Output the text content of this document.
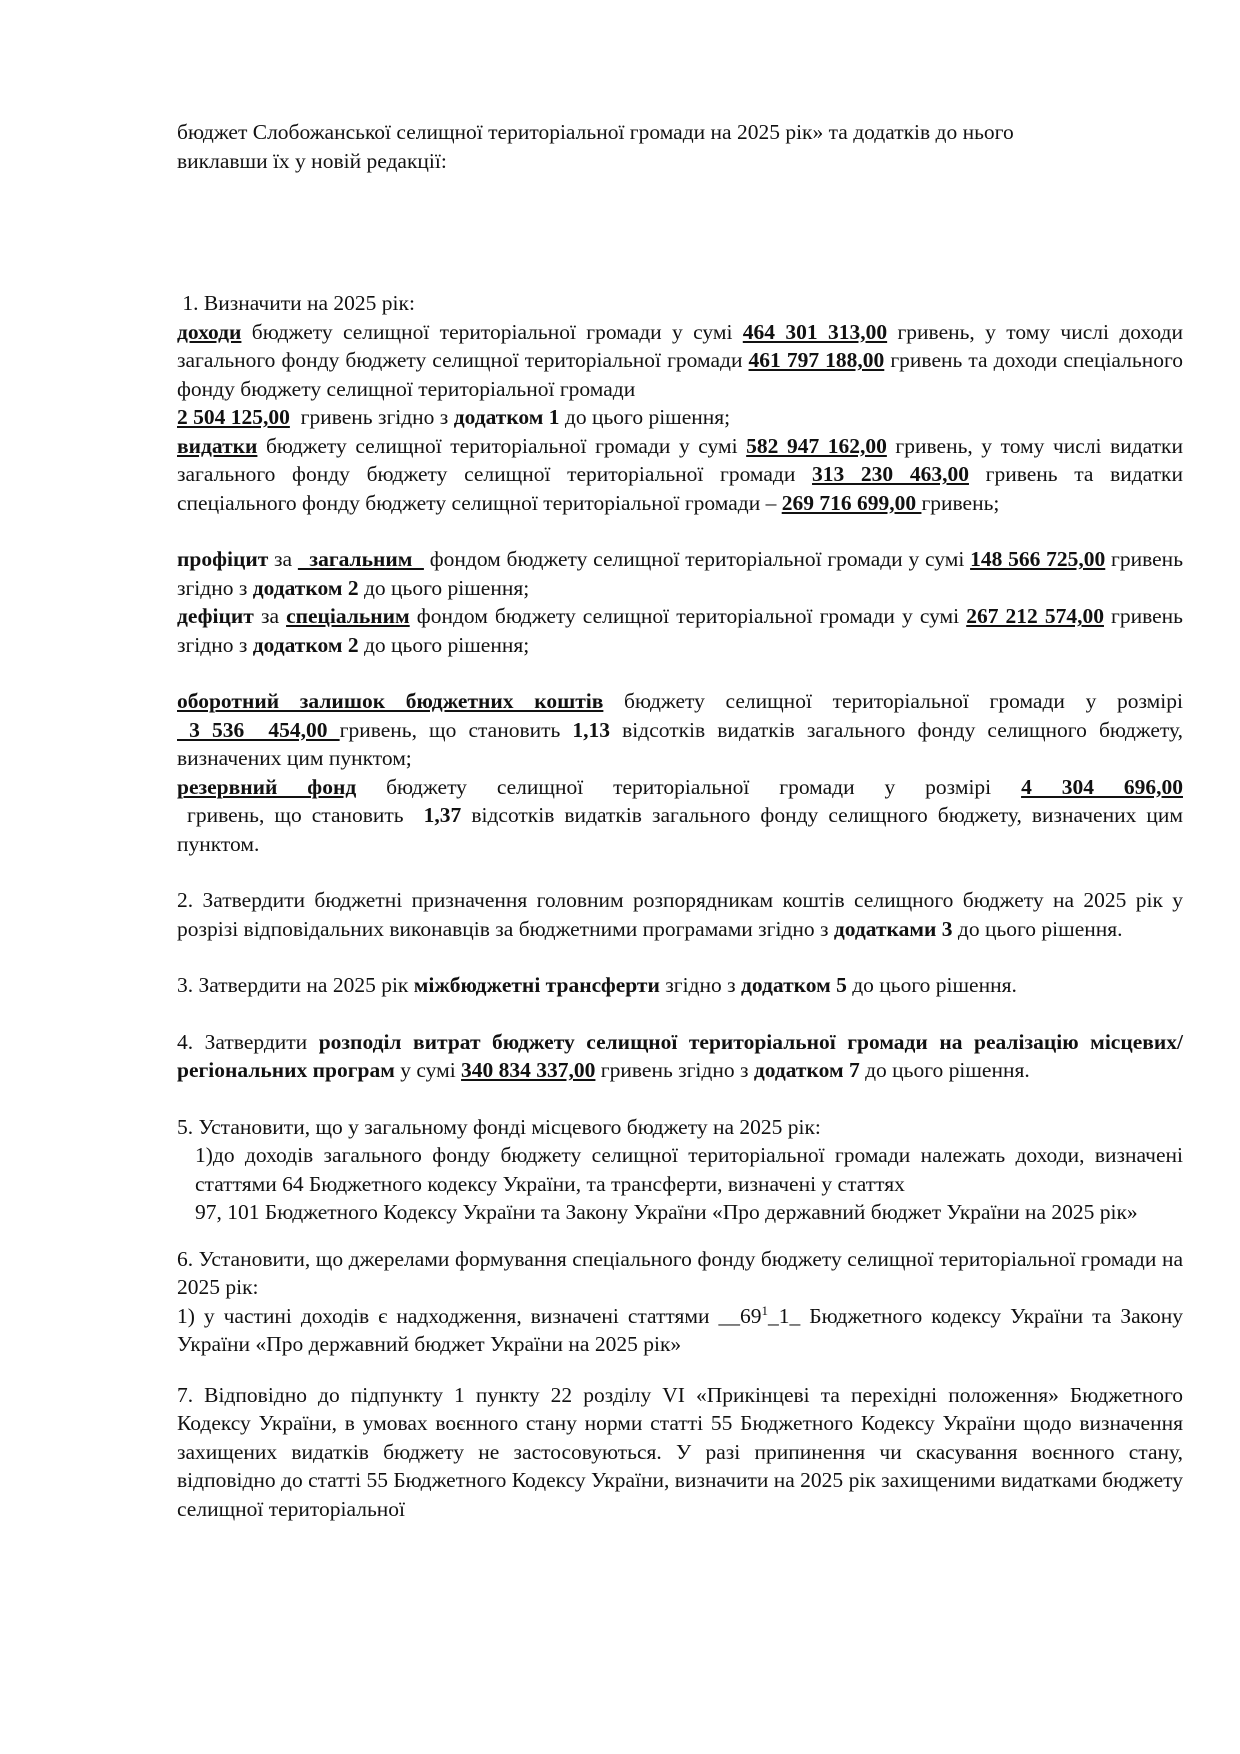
бюджет Слобожанської селищної територіальної громади на 2025 рік» та додатків до нього
виклавши їх у новій редакції:

1. Визначити на 2025 рік:

доходи бюджету селищної територіальної громади у сумі 464 301 313,00 гривень, у тому числі доходи загального фонду бюджету селищної територіальної громади 461 797 188,00 гривень та доходи спеціального фонду бюджету селищної територіальної громади
2 504 125,00  гривень згідно з додатком 1 до цього рішення;

видатки бюджету селищної територіальної громади у сумі 582 947 162,00 гривень, у тому числі видатки загального фонду бюджету селищної територіальної громади 313 230 463,00 гривень та видатки спеціального фонду бюджету селищної територіальної громади – 269 716 699,00 гривень;

профіцит за   загальним   фондом бюджету селищної територіальної громади у сумі 148 566 725,00 гривень згідно з додатком 2 до цього рішення;

дефіцит за спеціальним фондом бюджету селищної територіальної громади у сумі 267 212 574,00 гривень згідно з додатком 2 до цього рішення;

оборотний залишок бюджетних коштів бюджету селищної територіальної громади у розмірі  3 536  454,00 гривень, що становить 1,13 відсотків видатків загального фонду селищного бюджету, визначених цим пунктом;

резервний фонд бюджету селищної територіальної громади у розмірі 4 304 696,00 гривень, що становить  1,37 відсотків видатків загального фонду селищного бюджету, визначених цим пунктом.

2. Затвердити бюджетні призначення головним розпорядникам коштів селищного бюджету на 2025 рік у розрізі відповідальних виконавців за бюджетними програмами згідно з додатками 3 до цього рішення.

3. Затвердити на 2025 рік міжбюджетні трансферти згідно з додатком 5 до цього рішення.

4. Затвердити розподіл витрат бюджету селищної територіальної громади на реалізацію місцевих/регіональних програм у сумі 340 834 337,00 гривень згідно з додатком 7 до цього рішення.

5. Установити, що у загальному фонді місцевого бюджету на 2025 рік:

1)до доходів загального фонду бюджету селищної територіальної громади належать доходи, визначені статтями 64 Бюджетного кодексу України, та трансферти, визначені у статтях

97, 101 Бюджетного Кодексу України та Закону України «Про державний бюджет України на 2025 рік»

6. Установити, що джерелами формування спеціального фонду бюджету селищної територіальної громади на 2025 рік:

1) у частині доходів є надходження, визначені статтями $\_\_69^1\_1\_$ Бюджетного кодексу України та Закону України «Про державний бюджет України на 2025 рік»

7. Відповідно до підпункту 1 пункту 22 розділу VI «Прикінцеві та перехідні положення» Бюджетного Кодексу України, в умовах воєнного стану норми статті 55 Бюджетного Кодексу України щодо визначення захищених видатків бюджету не застосовуються. У разі припинення чи скасування воєнного стану, відповідно до статті 55 Бюджетного Кодексу України, визначити на 2025 рік захищеними видатками бюджету селищної територіальної
